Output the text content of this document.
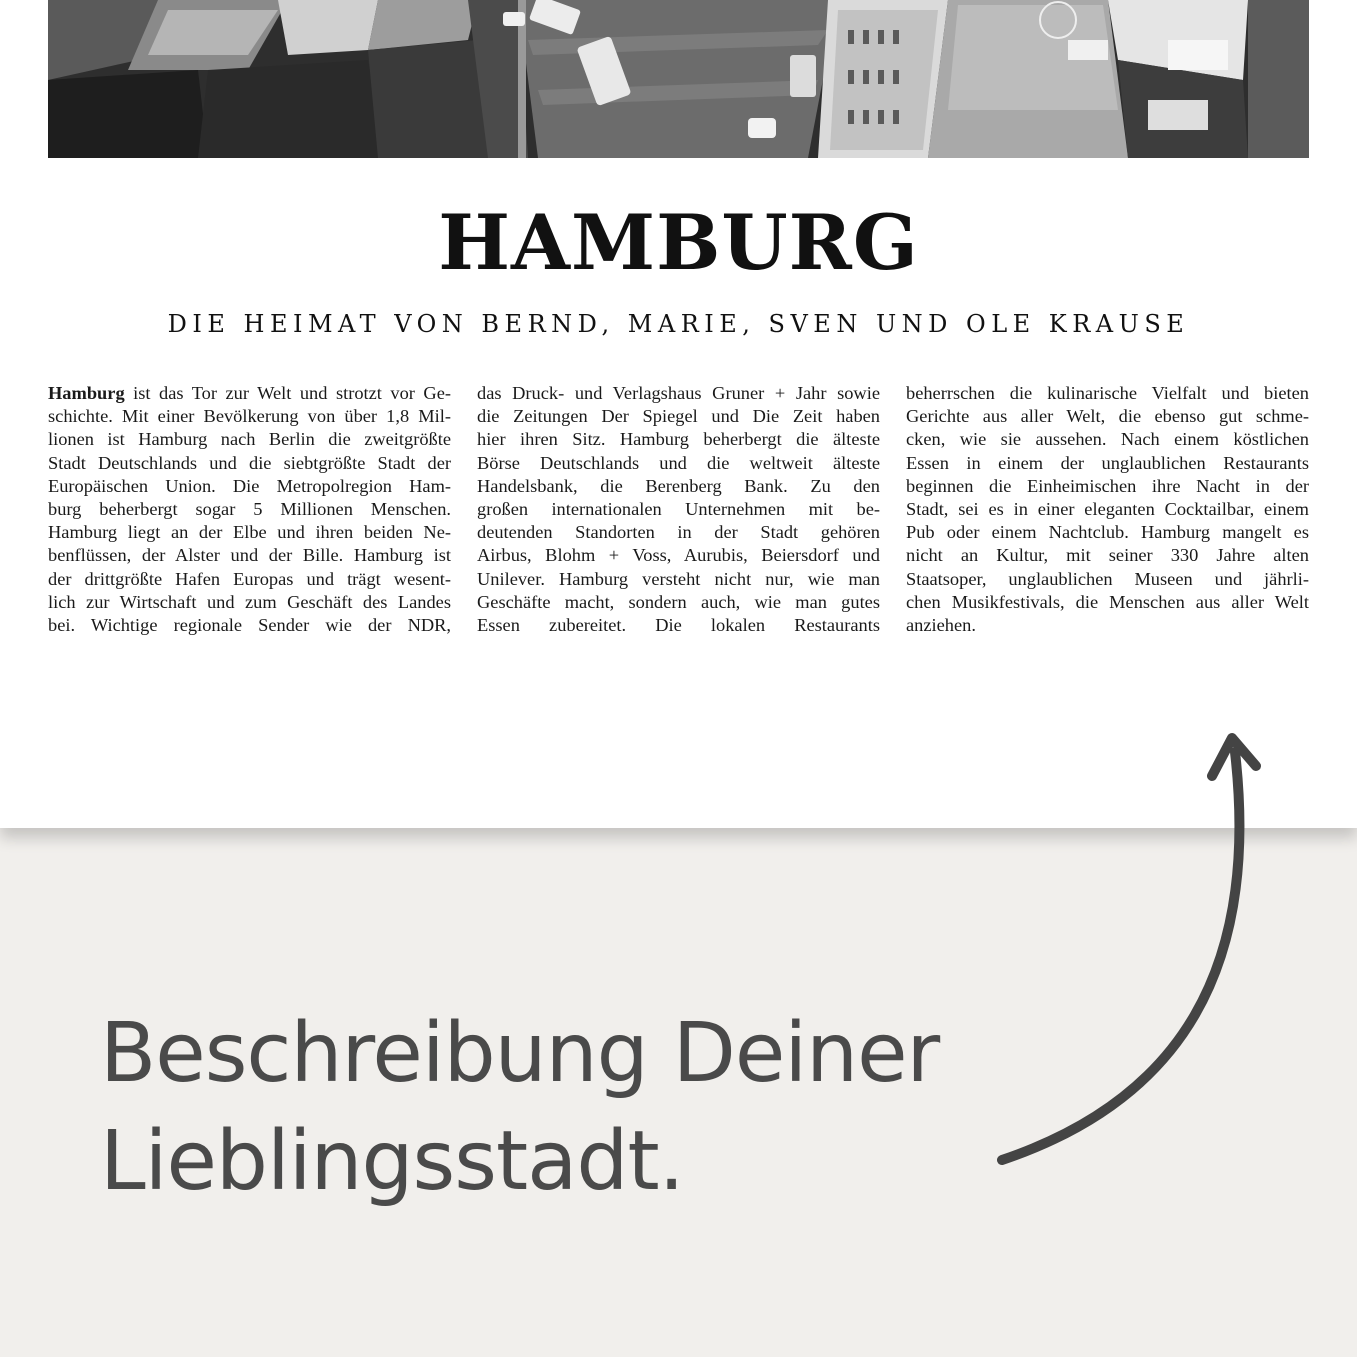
HAMBURG
DIE HEIMAT VON BERND, MARIE, SVEN UND OLE KRAUSE
Hamburg ist das Tor zur Welt und strotzt vor Ge-
schichte. Mit einer Bevölkerung von über 1,8 Mil-
lionen ist Hamburg nach Berlin die zweitgrößte
Stadt Deutschlands und die siebtgrößte Stadt der
Europäischen Union. Die Metropolregion Ham-
burg beherbergt sogar 5 Millionen Menschen.
Hamburg liegt an der Elbe und ihren beiden Ne-
benflüssen, der Alster und der Bille. Hamburg ist
der drittgrößte Hafen Europas und trägt wesent-
lich zur Wirtschaft und zum Geschäft des Landes
bei. Wichtige regionale Sender wie der NDR,
das Druck- und Verlagshaus Gruner + Jahr sowie
die Zeitungen Der Spiegel und Die Zeit haben
hier ihren Sitz. Hamburg beherbergt die älteste
Börse Deutschlands und die weltweit älteste
Handelsbank, die Berenberg Bank. Zu den
großen internationalen Unternehmen mit be-
deutenden Standorten in der Stadt gehören
Airbus, Blohm + Voss, Aurubis, Beiersdorf und
Unilever. Hamburg versteht nicht nur, wie man
Geschäfte macht, sondern auch, wie man gutes
Essen zubereitet. Die lokalen Restaurants
beherrschen die kulinarische Vielfalt und bieten
Gerichte aus aller Welt, die ebenso gut schme-
cken, wie sie aussehen. Nach einem köstlichen
Essen in einem der unglaublichen Restaurants
beginnen die Einheimischen ihre Nacht in der
Stadt, sei es in einer eleganten Cocktailbar, einem
Pub oder einem Nachtclub. Hamburg mangelt es
nicht an Kultur, mit seiner 330 Jahre alten
Staatsoper, unglaublichen Museen und jährli-
chen Musikfestivals, die Menschen aus aller Welt
anziehen.
Beschreibung Deiner
Lieblingsstadt.
